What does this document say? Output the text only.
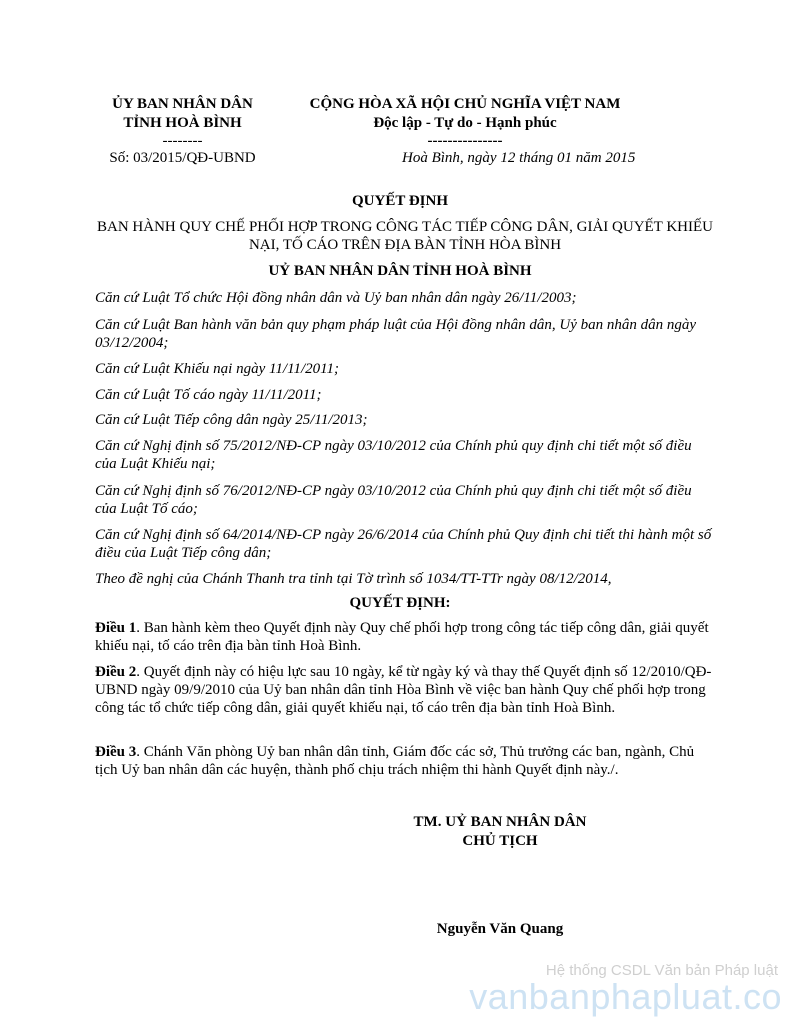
ỦY BAN NHÂN DÂN
TỈNH HOÀ BÌNH
--------
Số: 03/2015/QĐ-UBND
CỘNG HÒA XÃ HỘI CHỦ NGHĨA VIỆT NAM
Độc lập - Tự do - Hạnh phúc
---------------
Hoà Bình, ngày 12 tháng 01 năm 2015
QUYẾT ĐỊNH
BAN HÀNH QUY CHẾ PHỐI HỢP TRONG CÔNG TÁC TIẾP CÔNG DÂN, GIẢI QUYẾT KHIẾU NẠI, TỐ CÁO TRÊN ĐỊA BÀN TỈNH HÒA BÌNH
UỶ BAN NHÂN DÂN TỈNH HOÀ BÌNH

Căn cứ Luật Tổ chức Hội đồng nhân dân và Uỷ ban nhân dân ngày 26/11/2003;

Căn cứ Luật Ban hành văn bản quy phạm pháp luật của Hội đồng nhân dân, Uỷ ban nhân dân ngày 03/12/2004;

Căn cứ Luật Khiếu nại ngày 11/11/2011;

Căn cứ Luật Tố cáo ngày 11/11/2011;

Căn cứ Luật Tiếp công dân ngày 25/11/2013;

Căn cứ Nghị định số 75/2012/NĐ-CP ngày 03/10/2012 của Chính phủ quy định chi tiết một số điều của Luật Khiếu nại;

Căn cứ Nghị định số 76/2012/NĐ-CP ngày 03/10/2012 của Chính phủ quy định chi tiết một số điều của Luật Tố cáo;

Căn cứ Nghị định số 64/2014/NĐ-CP ngày 26/6/2014 của Chính phủ Quy định chi tiết thi hành một số điều của Luật Tiếp công dân;

Theo đề nghị của Chánh Thanh tra tỉnh tại Tờ trình số 1034/TT-TTr ngày 08/12/2014,

QUYẾT ĐỊNH:

Điều 1. Ban hành kèm theo Quyết định này Quy chế phối hợp trong công tác tiếp công dân, giải quyết khiếu nại, tố cáo trên địa bàn tỉnh Hoà Bình.

Điều 2. Quyết định này có hiệu lực sau 10 ngày, kể từ ngày ký và thay thế Quyết định số 12/2010/QĐ-UBND ngày 09/9/2010 của Uỷ ban nhân dân tỉnh Hòa Bình về việc ban hành Quy chế phối hợp trong công tác tổ chức tiếp công dân, giải quyết khiếu nại, tố cáo trên địa bàn tỉnh Hoà Bình.

Điều 3. Chánh Văn phòng Uỷ ban nhân dân tỉnh, Giám đốc các sở, Thủ trưởng các ban, ngành, Chủ tịch Uỷ ban nhân dân các huyện, thành phố chịu trách nhiệm thi hành Quyết định này./.

TM. UỶ BAN NHÂN DÂN
CHỦ TỊCH
Nguyễn Văn Quang
Hệ thống CSDL Văn bản Pháp luật
vanbanphapluat.co
